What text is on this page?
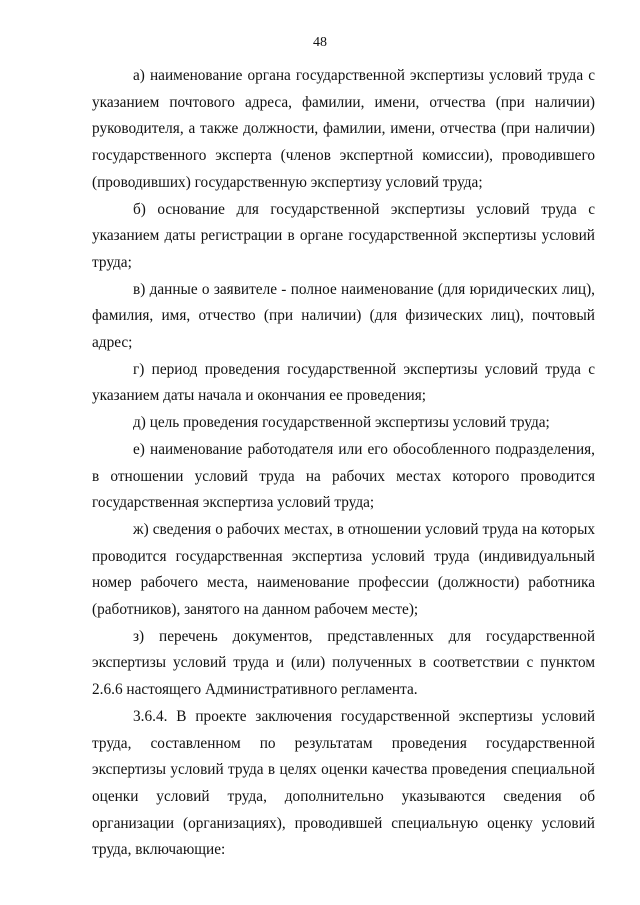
48

а) наименование органа государственной экспертизы условий труда с указанием почтового адреса, фамилии, имени, отчества (при наличии) руководителя, а также должности, фамилии, имени, отчества (при наличии) государственного эксперта (членов экспертной комиссии), проводившего (проводивших) государственную экспертизу условий труда;

б) основание для государственной экспертизы условий труда с указанием даты регистрации в органе государственной экспертизы условий труда;

в) данные о заявителе - полное наименование (для юридических лиц), фамилия, имя, отчество (при наличии) (для физических лиц), почтовый адрес;

г) период проведения государственной экспертизы условий труда с указанием даты начала и окончания ее проведения;

д) цель проведения государственной экспертизы условий труда;

е) наименование работодателя или его обособленного подразделения, в отношении условий труда на рабочих местах которого проводится государственная экспертиза условий труда;

ж) сведения о рабочих местах, в отношении условий труда на которых проводится государственная экспертиза условий труда (индивидуальный номер рабочего места, наименование профессии (должности) работника (работников), занятого на данном рабочем месте);

з) перечень документов, представленных для государственной экспертизы условий труда и (или) полученных в соответствии с пунктом 2.6.6 настоящего Административного регламента.

3.6.4. В проекте заключения государственной экспертизы условий труда, составленном по результатам проведения государственной экспертизы условий труда в целях оценки качества проведения специальной оценки условий труда, дополнительно указываются сведения об организации (организациях), проводившей специальную оценку условий труда, включающие:
